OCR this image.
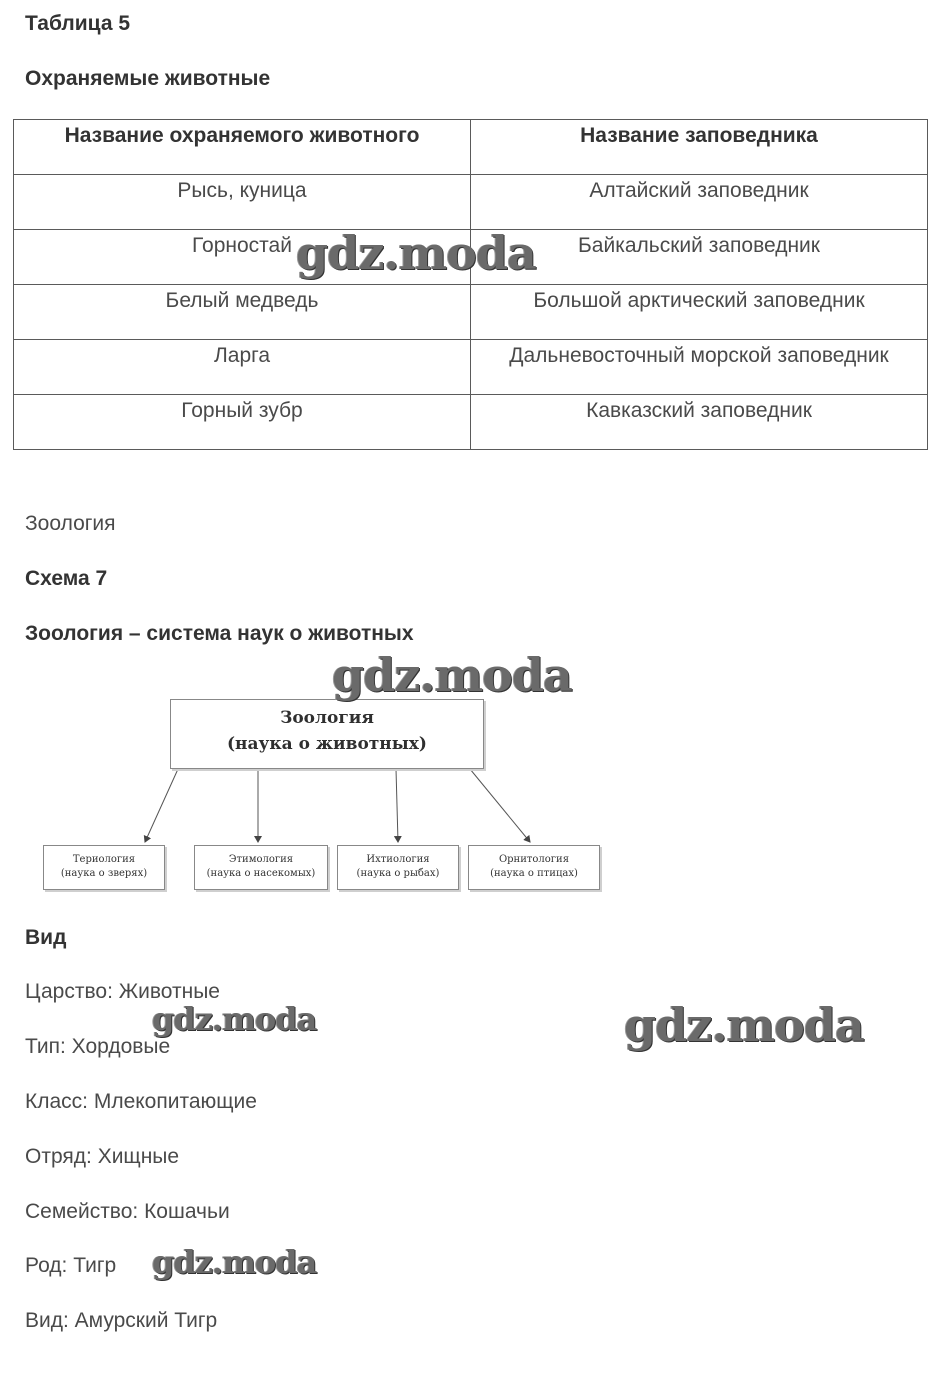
Таблица 5
Охраняемые животные
Название охраняемого животного	Название заповедника
Рысь, куница	Алтайский заповедник
Горностай	Байкальский заповедник
Белый медведь	Большой арктический заповедник
Ларга	Дальневосточный морской заповедник
Горный зубр	Кавказский заповедник
Зоология
Схема 7
Зоология – система наук о животных
Зоология
(наука о животных)
Териология
(наука о зверях)
Этимология
(наука о насекомых)
Ихтиология
(наука о рыбах)
Орнитология
(наука о птицах)
Вид
Царство: Животные
Тип: Хордовые
Класс: Млекопитающие
Отряд: Хищные
Семейство: Кошачьи
Род: Тигр
Вид: Амурский Тигр
gdz.moda
gdz.moda
gdz.moda	gdz.moda
gdz.moda
